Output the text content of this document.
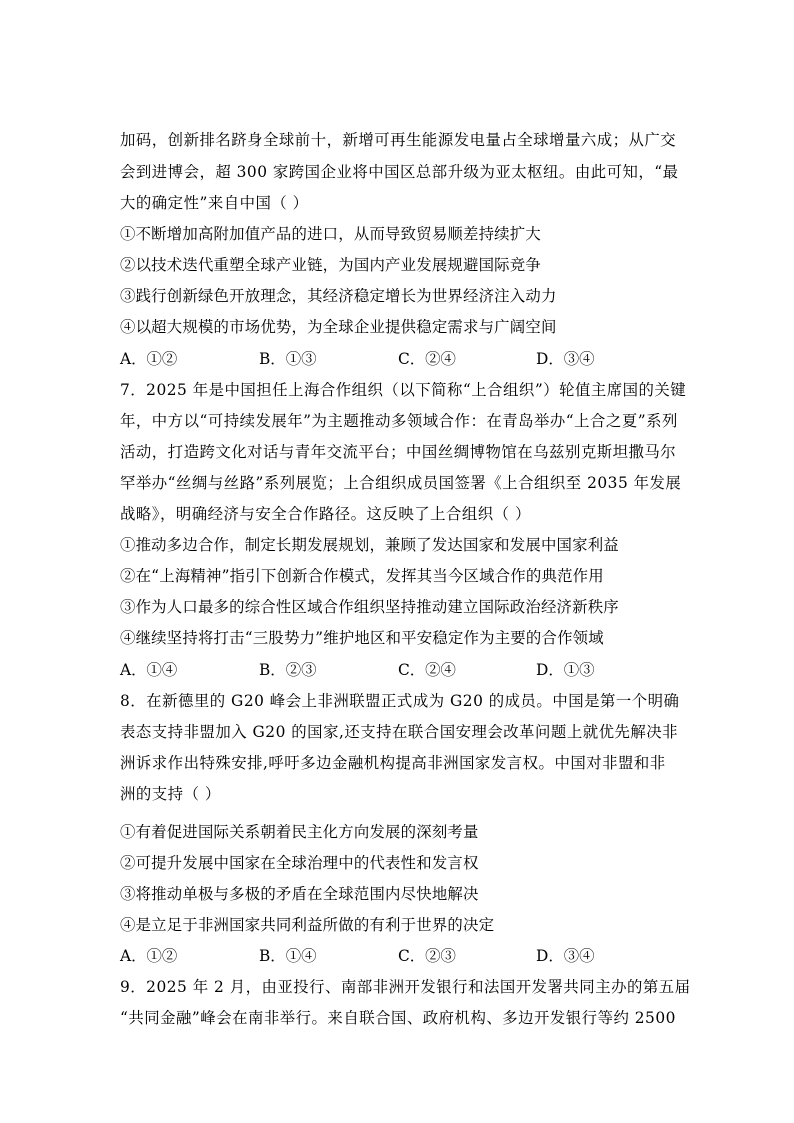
加码，创新排名跻身全球前十，新增可再生能源发电量占全球增量六成；从广交
会到进博会，超 300 家跨国企业将中国区总部升级为亚太枢纽。由此可知，“最
大的确定性”来自中国（ ）
①不断增加高附加值产品的进口，从而导致贸易顺差持续扩大
②以技术迭代重塑全球产业链，为国内产业发展规避国际竞争
③践行创新绿色开放理念，其经济稳定增长为世界经济注入动力
④以超大规模的市场优势，为全球企业提供稳定需求与广阔空间
A．①②	B．①③	C．②④	D．③④
7．2025 年是中国担任上海合作组织（以下简称“上合组织”）轮值主席国的关键
年，中方以“可持续发展年”为主题推动多领域合作：在青岛举办“上合之夏”系列
活动，打造跨文化对话与青年交流平台；中国丝绸博物馆在乌兹别克斯坦撒马尔
罕举办“丝绸与丝路”系列展览；上合组织成员国签署《上合组织至 2035 年发展
战略》，明确经济与安全合作路径。这反映了上合组织（ ）
①推动多边合作，制定长期发展规划，兼顾了发达国家和发展中国家利益
②在“上海精神”指引下创新合作模式，发挥其当今区域合作的典范作用
③作为人口最多的综合性区域合作组织坚持推动建立国际政治经济新秩序
④继续坚持将打击“三股势力”维护地区和平安稳定作为主要的合作领域
A．①④	B．②③	C．②④	D．①③
8．在新德里的 G20 峰会上非洲联盟正式成为 G20 的成员。中国是第一个明确
表态支持非盟加入 G20 的国家,还支持在联合国安理会改革问题上就优先解决非
洲诉求作出特殊安排,呼吁多边金融机构提高非洲国家发言权。中国对非盟和非
洲的支持（ ）
①有着促进国际关系朝着民主化方向发展的深刻考量
②可提升发展中国家在全球治理中的代表性和发言权
③将推动单极与多极的矛盾在全球范围内尽快地解决
④是立足于非洲国家共同利益所做的有利于世界的决定
A．①②	B．①④	C．②③	D．③④
9．2025 年 2 月，由亚投行、南部非洲开发银行和法国开发署共同主办的第五届
“共同金融”峰会在南非举行。来自联合国、政府机构、多边开发银行等约 2500
